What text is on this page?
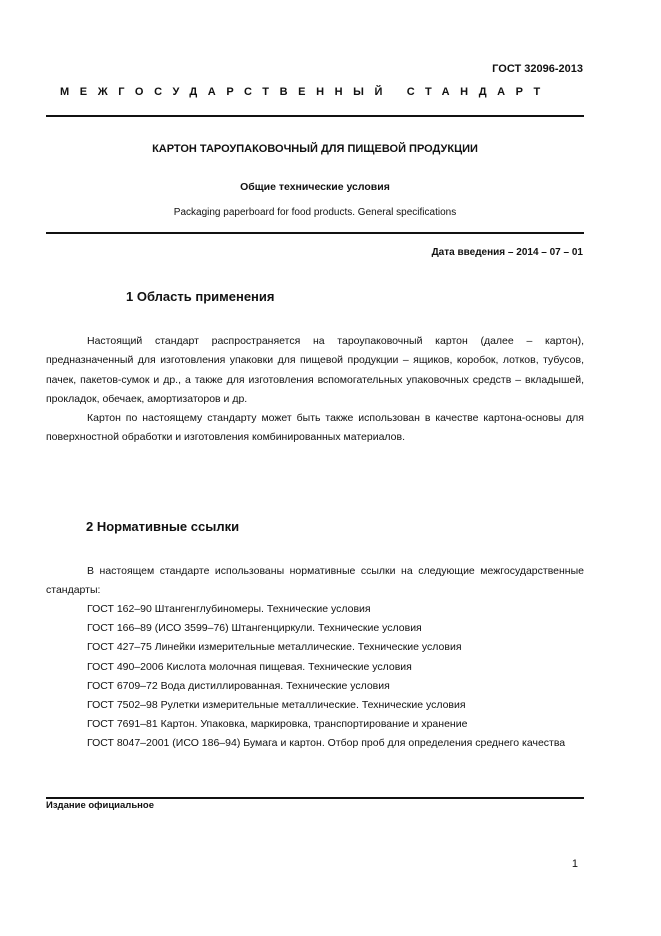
ГОСТ 32096-2013
МЕЖГОСУДАРСТВЕННЫЙ СТАНДАРТ
КАРТОН ТАРОУПАКОВОЧНЫЙ ДЛЯ ПИЩЕВОЙ ПРОДУКЦИИ
Общие технические условия
Packaging paperboard for food products. General specifications
Дата введения – 2014 – 07 – 01
1 Область применения

Настоящий стандарт распространяется на тароупаковочный картон (далее – картон), предназначенный для изготовления упаковки для пищевой продукции – ящиков, коробок, лотков, тубусов, пачек, пакетов-сумок и др., а также для изготовления вспомогательных упаковочных средств – вкладышей, прокладок, обечаек, амортизаторов и др.

Картон по настоящему стандарту может быть также использован в качестве картона-основы для поверхностной обработки и изготовления комбинированных материалов.

2 Нормативные ссылки

В настоящем стандарте использованы нормативные ссылки на следующие межгосударственные стандарты:

ГОСТ 162–90 Штангенглубиномеры. Технические условия
ГОСТ 166–89 (ИСО 3599–76) Штангенциркули. Технические условия
ГОСТ 427–75 Линейки измерительные металлические. Технические условия
ГОСТ 490–2006 Кислота молочная пищевая. Технические условия
ГОСТ 6709–72 Вода дистиллированная. Технические условия
ГОСТ 7502–98 Рулетки измерительные металлические. Технические условия
ГОСТ 7691–81 Картон. Упаковка, маркировка, транспортирование и хранение
ГОСТ 8047–2001 (ИСО 186–94) Бумага и картон. Отбор проб для определения среднего качества
Издание официальное
1
